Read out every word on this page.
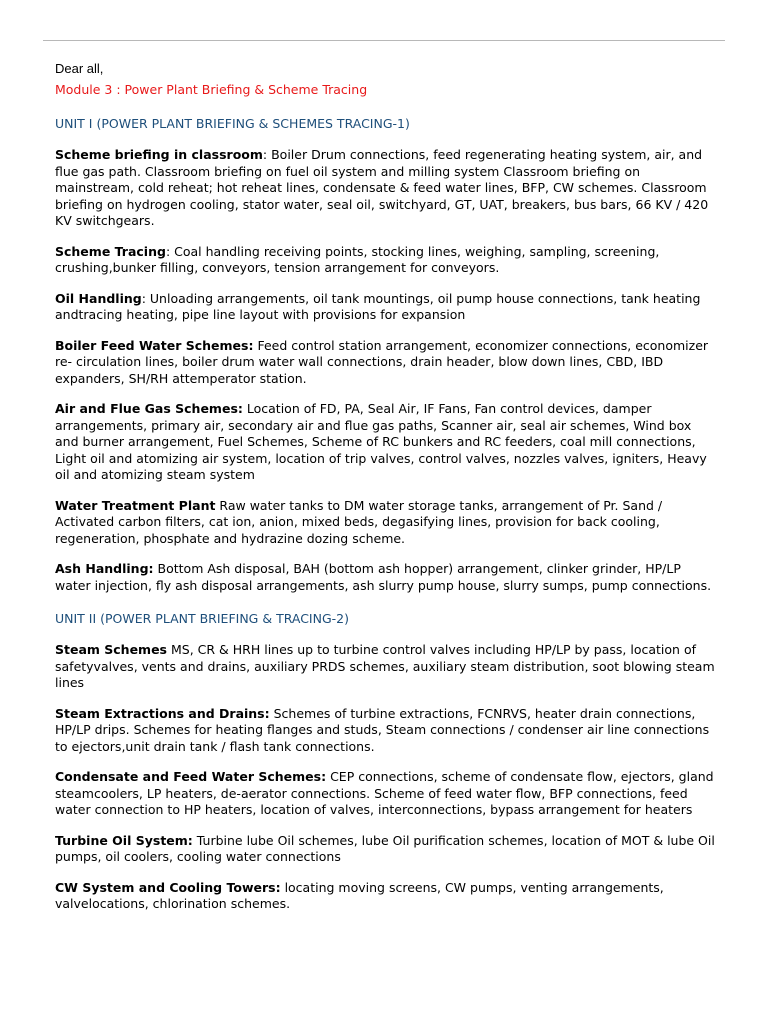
Dear all,

Module 3 : Power Plant Briefing & Scheme Tracing

UNIT I (POWER PLANT BRIEFING & SCHEMES TRACING-1)

Scheme briefing in classroom: Boiler Drum connections, feed regenerating heating system, air, and flue gas path. Classroom briefing on fuel oil system and milling system Classroom briefing on mainstream, cold reheat; hot reheat lines, condensate & feed water lines, BFP, CW schemes. Classroom briefing on hydrogen cooling, stator water, seal oil, switchyard, GT, UAT, breakers, bus bars, 66 KV / 420 KV switchgears.

Scheme Tracing: Coal handling receiving points, stocking lines, weighing, sampling, screening, crushing,bunker filling, conveyors, tension arrangement for conveyors.

Oil Handling: Unloading arrangements, oil tank mountings, oil pump house connections, tank heating andtracing heating, pipe line layout with provisions for expansion

Boiler Feed Water Schemes: Feed control station arrangement, economizer connections, economizer re- circulation lines, boiler drum water wall connections, drain header, blow down lines, CBD, IBD expanders, SH/RH attemperator station.

Air and Flue Gas Schemes: Location of FD, PA, Seal Air, IF Fans, Fan control devices, damper arrangements, primary air, secondary air and flue gas paths, Scanner air, seal air schemes, Wind box and burner arrangement, Fuel Schemes, Scheme of RC bunkers and RC feeders, coal mill connections, Light oil and atomizing air system, location of trip valves, control valves, nozzles valves, igniters, Heavy oil and atomizing steam system

Water Treatment Plant Raw water tanks to DM water storage tanks, arrangement of Pr. Sand / Activated carbon filters, cat ion, anion, mixed beds, degasifying lines, provision for back cooling, regeneration, phosphate and hydrazine dozing scheme.

Ash Handling: Bottom Ash disposal, BAH (bottom ash hopper) arrangement, clinker grinder, HP/LP water injection, fly ash disposal arrangements, ash slurry pump house, slurry sumps, pump connections.

UNIT II (POWER PLANT BRIEFING & TRACING-2)

Steam Schemes MS, CR & HRH lines up to turbine control valves including HP/LP by pass, location of safetyvalves, vents and drains, auxiliary PRDS schemes, auxiliary steam distribution, soot blowing steam lines

Steam Extractions and Drains: Schemes of turbine extractions, FCNRVS, heater drain connections, HP/LP drips. Schemes for heating flanges and studs, Steam connections / condenser air line connections to ejectors,unit drain tank / flash tank connections.

Condensate and Feed Water Schemes: CEP connections, scheme of condensate flow, ejectors, gland steamcoolers, LP heaters, de-aerator connections. Scheme of feed water flow, BFP connections, feed water connection to HP heaters, location of valves, interconnections, bypass arrangement for heaters

Turbine Oil System: Turbine lube Oil schemes, lube Oil purification schemes, location of MOT & lube Oil pumps, oil coolers, cooling water connections

CW System and Cooling Towers: locating moving screens, CW pumps, venting arrangements, valvelocations, chlorination schemes.
